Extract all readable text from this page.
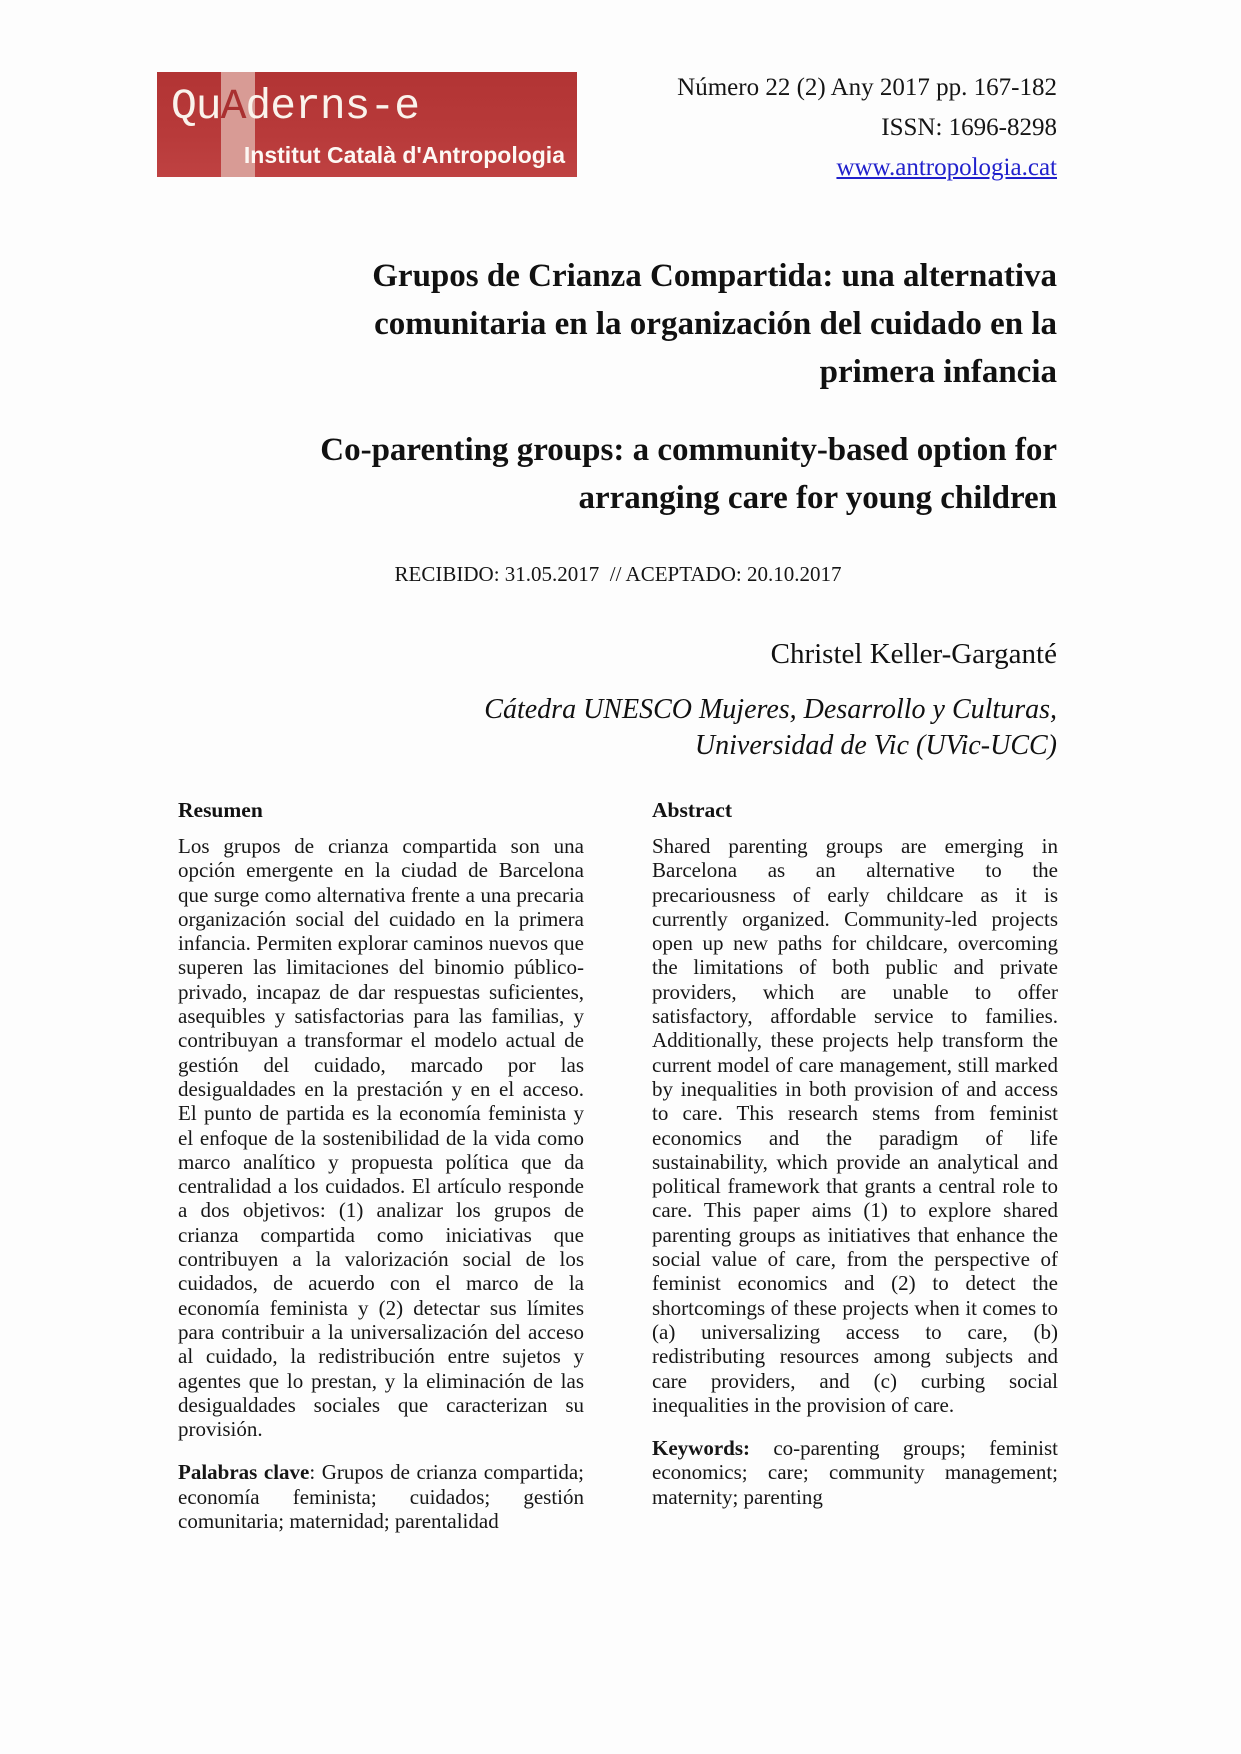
QuAderns-e
Institut Català d'Antropologia
Número 22 (2) Any 2017 pp. 167-182
ISSN: 1696-8298
www.antropologia.cat
Grupos de Crianza Compartida: una alternativa
comunitaria en la organización del cuidado en la
primera infancia
Co-parenting groups: a community-based option for
arranging care for young children
RECIBIDO: 31.05.2017  // ACEPTADO: 20.10.2017
Christel Keller-Garganté
Cátedra UNESCO Mujeres, Desarrollo y Culturas,
Universidad de Vic (UVic-UCC)
Resumen

Los grupos de crianza compartida son una opción emergente en la ciudad de Barcelona que surge como alternativa frente a una precaria organización social del cuidado en la primera infancia. Permiten explorar caminos nuevos que superen las limitaciones del binomio público-privado, incapaz de dar respuestas suficientes, asequibles y satisfactorias para las familias, y contribuyan a transformar el modelo actual de gestión del cuidado, marcado por las desigualdades en la prestación y en el acceso. El punto de partida es la economía feminista y el enfoque de la sostenibilidad de la vida como marco analítico y propuesta política que da centralidad a los cuidados. El artículo responde a dos objetivos: (1) analizar los grupos de crianza compartida como iniciativas que contribuyen a la valorización social de los cuidados, de acuerdo con el marco de la economía feminista y (2) detectar sus límites para contribuir a la universalización del acceso al cuidado, la redistribución entre sujetos y agentes que lo prestan, y la eliminación de las desigualdades sociales que caracterizan su provisión.

Palabras clave: Grupos de crianza compartida; economía feminista; cuidados; gestión comunitaria; maternidad; parentalidad

Abstract

Shared parenting groups are emerging in Barcelona as an alternative to the precariousness of early childcare as it is currently organized. Community-led projects open up new paths for childcare, overcoming the limitations of both public and private providers, which are unable to offer satisfactory, affordable service to families. Additionally, these projects help transform the current model of care management, still marked by inequalities in both provision of and access to care. This research stems from feminist economics and the paradigm of life sustainability, which provide an analytical and political framework that grants a central role to care. This paper aims (1) to explore shared parenting groups as initiatives that enhance the social value of care, from the perspective of feminist economics and (2) to detect the shortcomings of these projects when it comes to (a) universalizing access to care, (b) redistributing resources among subjects and care providers, and (c) curbing social inequalities in the provision of care.

Keywords: co-parenting groups; feminist economics; care; community management; maternity; parenting
